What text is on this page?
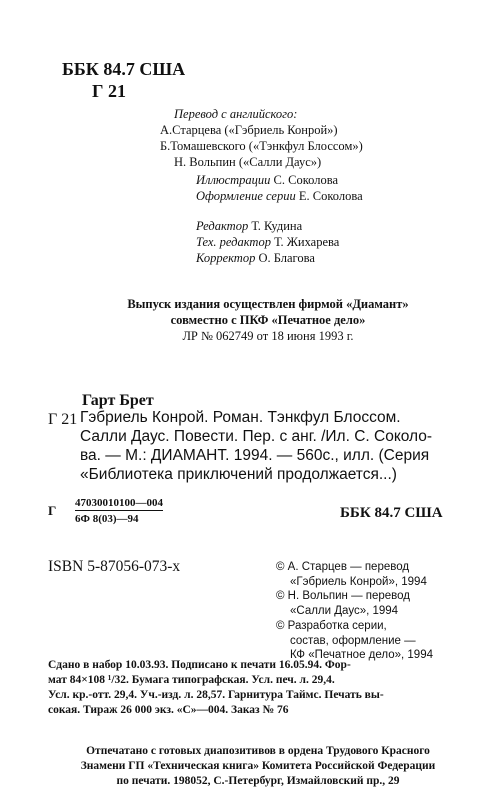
ББК 84.7 США
Г 21
Перевод с английского:
А.Старцева («Гэбриель Конрой»)
Б.Томашевского («Тэнкфул Блоссом»)
Н. Вольпин («Салли Даус»)
Иллюстрации С. Соколова
Оформление серии Е. Соколова
Редактор Т. Кудина
Тех. редактор Т. Жихарева
Корректор О. Благова
Выпуск издания осуществлен фирмой «Диамант»
совместно с ПКФ «Печатное дело»
ЛР № 062749 от 18 июня 1993 г.
Гарт Брет
Г 21 Гэбриель Конрой. Роман. Тэнкфул Блоссом.
Салли Даус. Повести. Пер. с анг. /Ил. С. Соколо-
ва. — М.: ДИАМАНТ. 1994. — 560с., илл. (Серия
«Библиотека приключений продолжается...)
Г 47030010100—004
6Ф 8(03)—94	ББК 84.7 США
ISBN 5-87056-073-x	© А. Старцев — перевод
«Гэбриель Конрой», 1994
© Н. Вольпин — перевод
«Салли Даус», 1994
© Разработка серии,
состав, оформление —
КФ «Печатное дело», 1994
Сдано в набор 10.03.93. Подписано к печати 16.05.94. Фор-
мат 84×108 ¹/32. Бумага типографская. Усл. печ. л. 29,4.
Усл. кр.-отт. 29,4. Уч.-изд. л. 28,57. Гарнитура Таймс. Печать вы-
сокая. Тираж 26 000 экз. «С»—004. Заказ № 76
Отпечатано с готовых диапозитивов в ордена Трудового Красного
Знамени ГП «Техническая книга» Комитета Российской Федерации
по печати. 198052, С.-Петербург, Измайловский пр., 29
